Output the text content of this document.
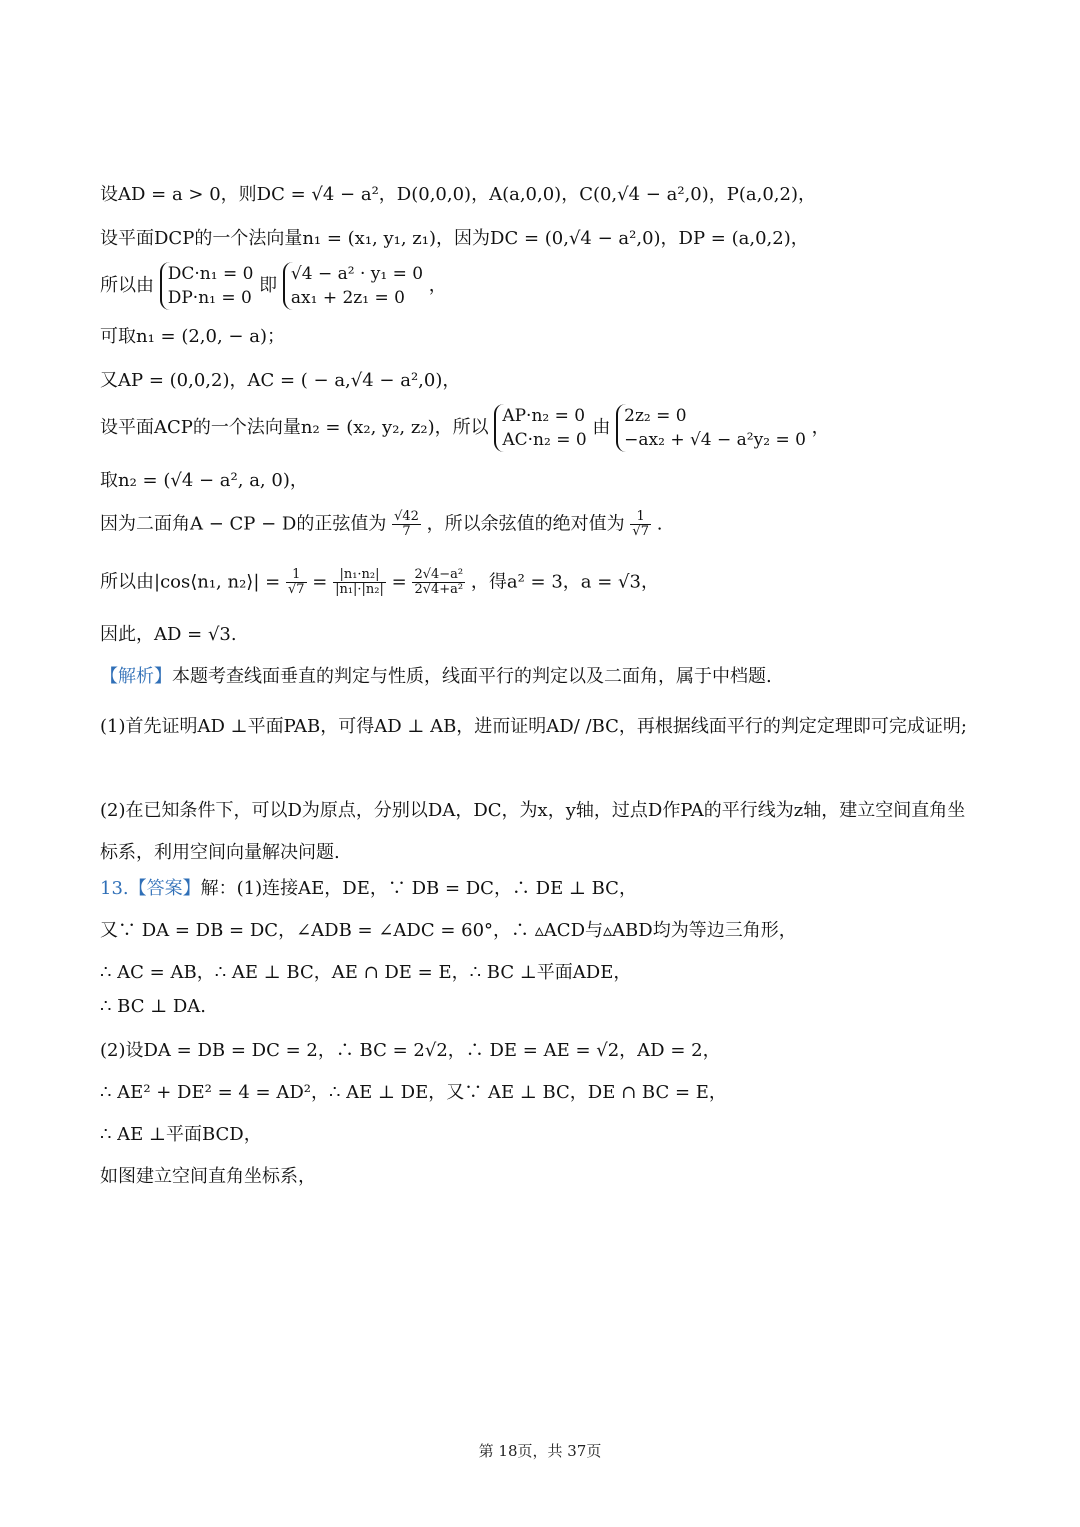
设AD = a > 0，则DC = √4 − a²，D(0,0,0)，A(a,0,0)，C(0,√4 − a²,0)，P(a,0,2)，
设平面DCP的一个法向量n₁ = (x₁, y₁, z₁)，因为DC = (0,√4 − a²,0)，DP = (a,0,2)，
所以由
DC·n₁ = 0
DP·n₁ = 0
即
√4 − a² · y₁ = 0
ax₁ + 2z₁ = 0
，
可取n₁ = (2,0, − a)；
又AP = (0,0,2)，AC = ( − a,√4 − a²,0)，
设平面ACP的一个法向量n₂ = (x₂, y₂, z₂)，所以
AP·n₂ = 0
AC·n₂ = 0
由
2z₂ = 0
−ax₂ + √4 − a²y₂ = 0
，
取n₂ = (√4 − a², a, 0)，
因为二面角A − CP − D的正弦值为 $\frac{√42}{7}$ ，所以余弦值的绝对值为 $\frac{1}{√7}$ .
所以由|cos⟨n₁, n₂⟩| = $\frac{1}{√7} = \frac{\text{|n₁·n₂|}}{\text{|n₁|·|n₂|}} = \frac{\text{2√4−a²}}{\text{2√4+a²}}$ ，得a² = 3，a = √3，
因此，AD = √3.
【解析】本题考查线面垂直的判定与性质，线面平行的判定以及二面角，属于中档题.
(1)首先证明AD ⊥平面PAB，可得AD ⊥ AB，进而证明AD/ /BC，再根据线面平行的判定定理即可完成证明;
(2)在已知条件下，可以D为原点，分别以DA，DC，为x，y轴，过点D作PA的平行线为z轴，建立空间直角坐标系，利用空间向量解决问题.
13.【答案】解：(1)连接AE，DE，∵ DB = DC，∴ DE ⊥ BC，
又∵ DA = DB = DC，∠ADB = ∠ADC = 60°，∴ ▵ACD与▵ABD均为等边三角形，
∴ AC = AB，∴ AE ⊥ BC，AE ∩ DE = E，∴ BC ⊥平面ADE，
∴ BC ⊥ DA.
(2)设DA = DB = DC = 2，∴ BC = 2√2，∴ DE = AE = √2，AD = 2，
∴ AE² + DE² = 4 = AD²，∴ AE ⊥ DE，又∵ AE ⊥ BC，DE ∩ BC = E，
∴ AE ⊥平面BCD，
如图建立空间直角坐标系，
第 18页，共 37页
